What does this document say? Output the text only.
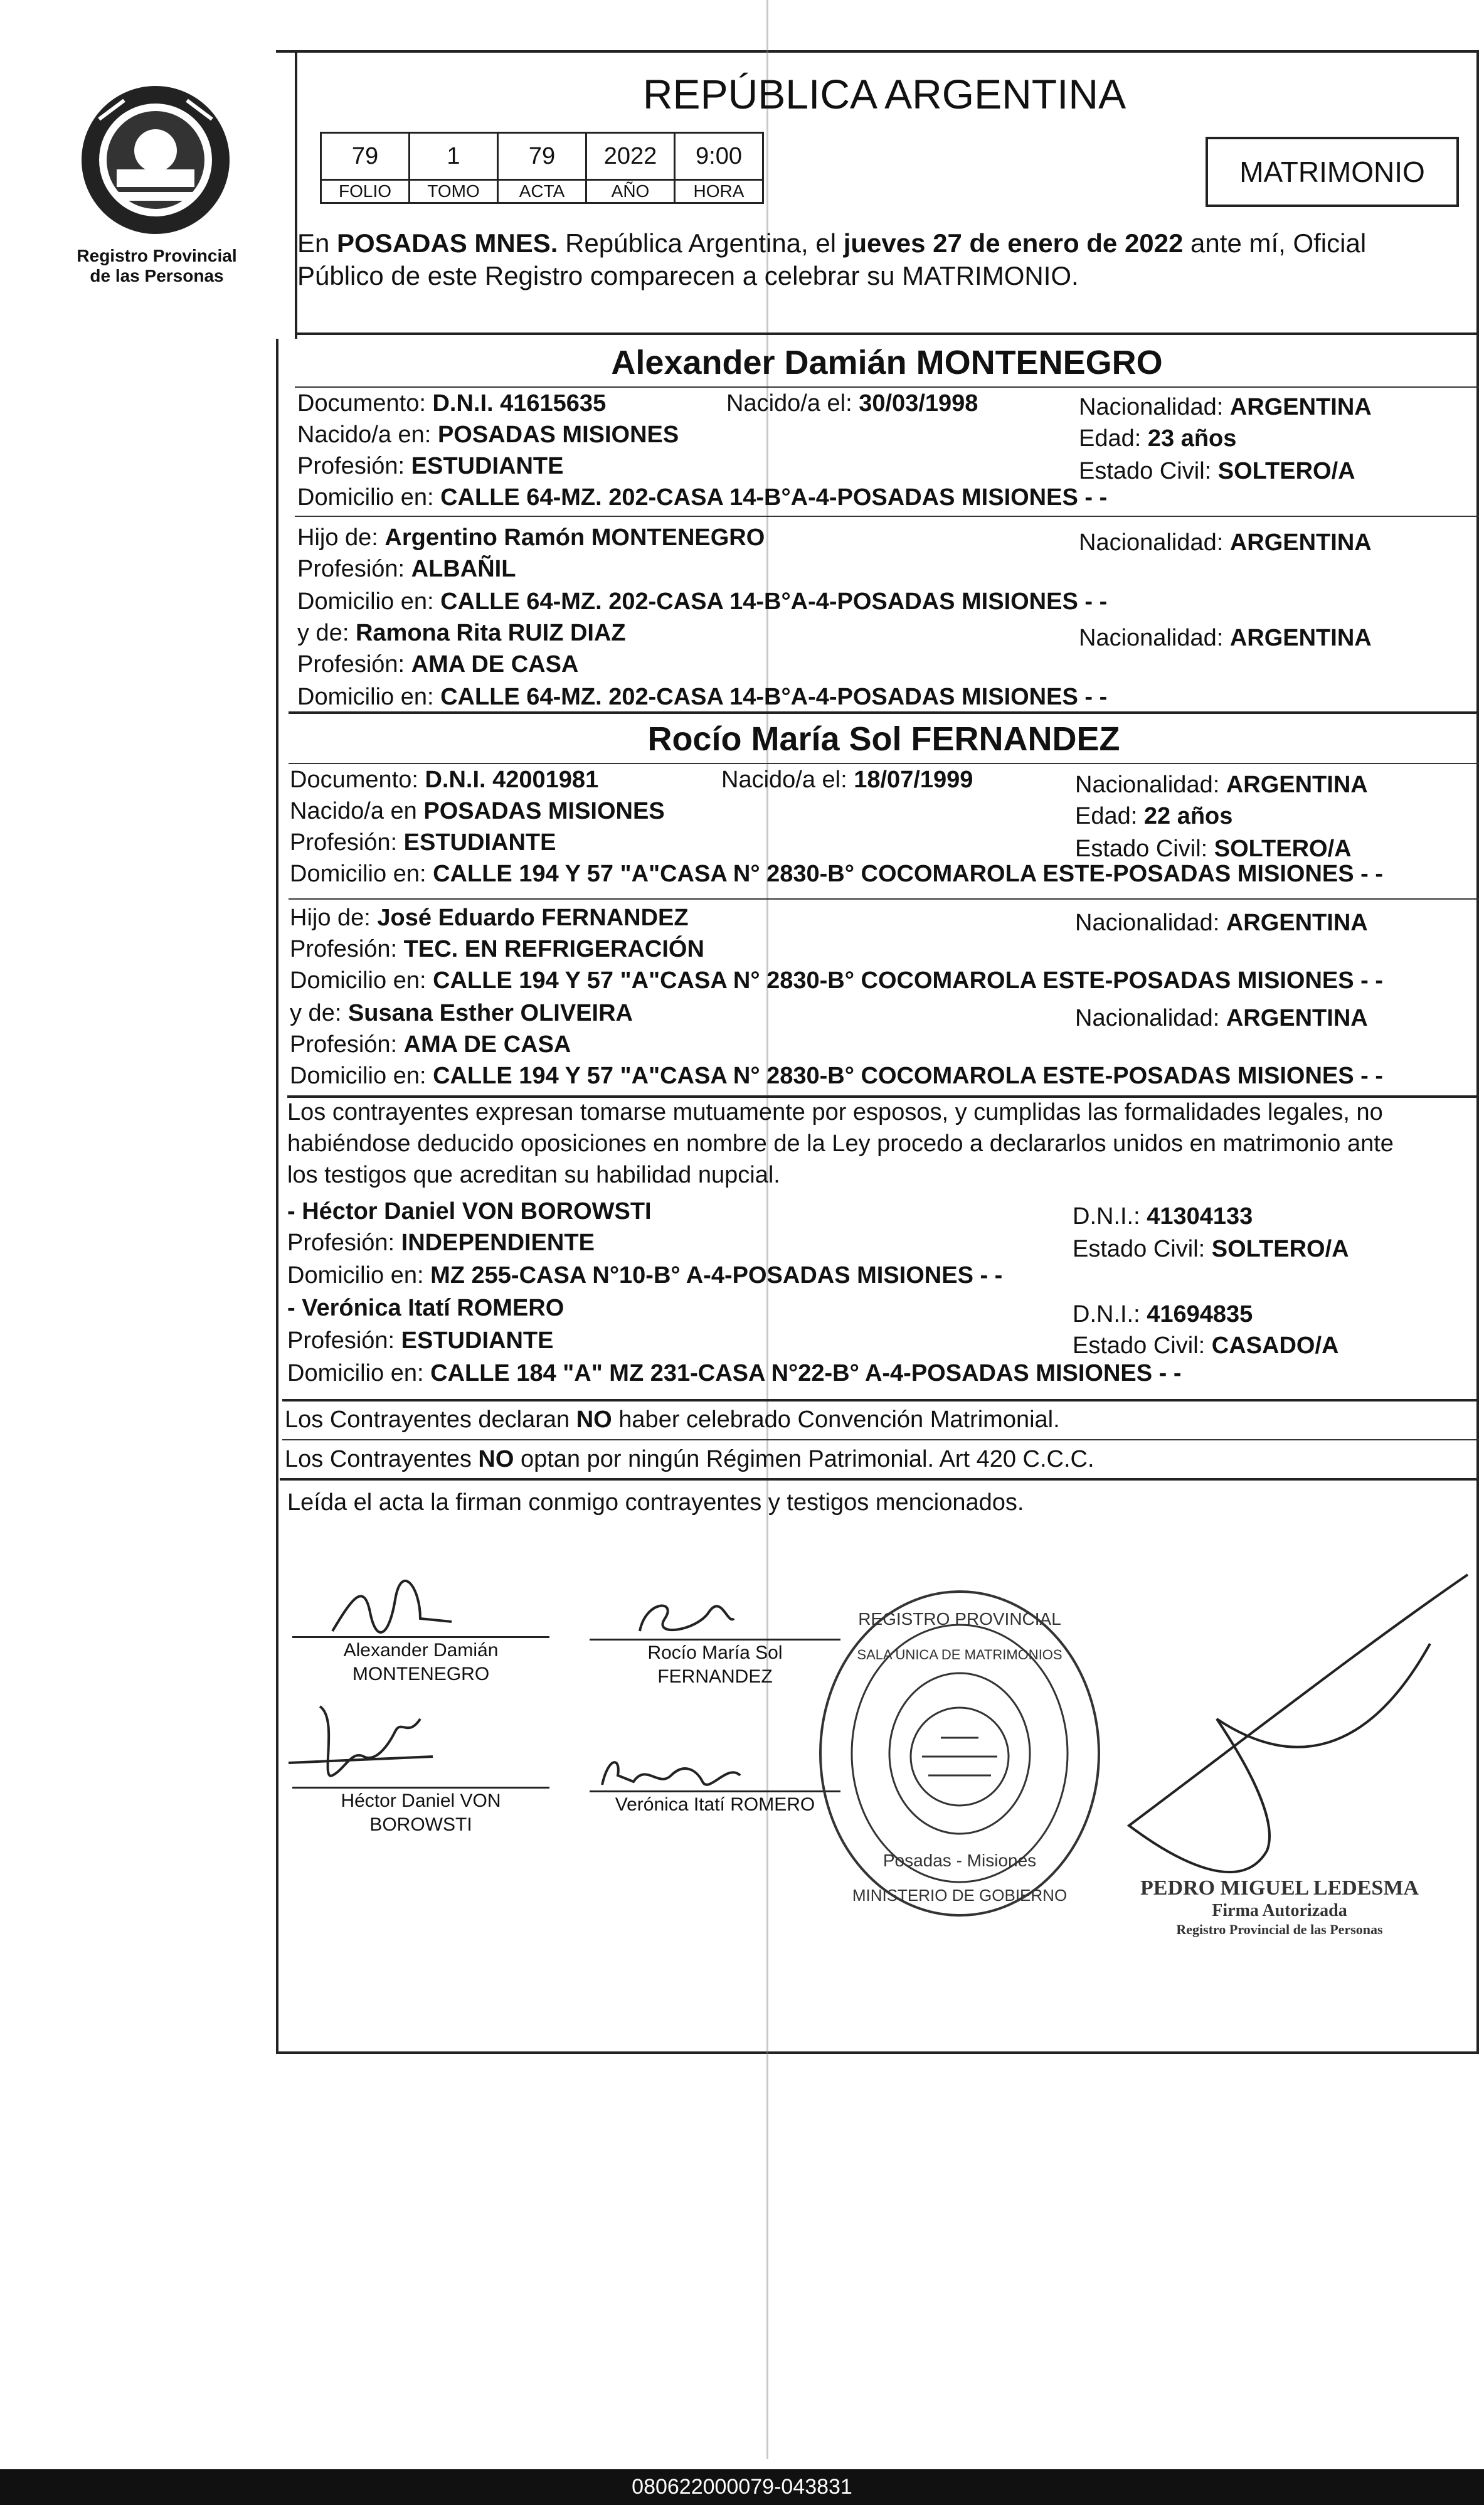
Registro Provincial
de las Personas
REPÚBLICA ARGENTINA
79	1	79	2022	9:00
FOLIO	TOMO	ACTA	AÑO	HORA
MATRIMONIO
En POSADAS MNES. República Argentina, el jueves 27 de enero de 2022 ante mí, Oficial
Público de este Registro comparecen a celebrar su MATRIMONIO.
Alexander Damián MONTENEGRO
Documento: D.N.I. 41615635	Nacido/a el: 30/03/1998	Nacionalidad: ARGENTINA
Nacido/a en: POSADAS MISIONES	Edad: 23 años
Profesión: ESTUDIANTE	Estado Civil: SOLTERO/A
Domicilio en: CALLE 64-MZ. 202-CASA 14-B°A-4-POSADAS MISIONES - -
Hijo de: Argentino Ramón MONTENEGRO	Nacionalidad: ARGENTINA
Profesión: ALBAÑIL
Domicilio en: CALLE 64-MZ. 202-CASA 14-B°A-4-POSADAS MISIONES - -
y de: Ramona Rita RUIZ DIAZ	Nacionalidad: ARGENTINA
Profesión: AMA DE CASA
Domicilio en: CALLE 64-MZ. 202-CASA 14-B°A-4-POSADAS MISIONES - -
Rocío María Sol FERNANDEZ
Documento: D.N.I. 42001981	Nacido/a el: 18/07/1999	Nacionalidad: ARGENTINA
Nacido/a en POSADAS MISIONES	Edad: 22 años
Profesión: ESTUDIANTE	Estado Civil: SOLTERO/A
Domicilio en: CALLE 194 Y 57 "A"CASA N° 2830-B° COCOMAROLA ESTE-POSADAS MISIONES - -
Hijo de: José Eduardo FERNANDEZ	Nacionalidad: ARGENTINA
Profesión: TEC. EN REFRIGERACIÓN
Domicilio en: CALLE 194 Y 57 "A"CASA N° 2830-B° COCOMAROLA ESTE-POSADAS MISIONES - -
y de: Susana Esther OLIVEIRA	Nacionalidad: ARGENTINA
Profesión: AMA DE CASA
Domicilio en: CALLE 194 Y 57 "A"CASA N° 2830-B° COCOMAROLA ESTE-POSADAS MISIONES - -
Los contrayentes expresan tomarse mutuamente por esposos, y cumplidas las formalidades legales, no
habiéndose deducido oposiciones en nombre de la Ley procedo a declararlos unidos en matrimonio ante
los testigos que acreditan su habilidad nupcial.
- Héctor Daniel VON BOROWSTI	D.N.I.: 41304133
Profesión: INDEPENDIENTE	Estado Civil: SOLTERO/A
Domicilio en: MZ 255-CASA N°10-B° A-4-POSADAS MISIONES - -
- Verónica Itatí ROMERO	D.N.I.: 41694835
Profesión: ESTUDIANTE	Estado Civil: CASADO/A
Domicilio en: CALLE 184 "A" MZ 231-CASA N°22-B° A-4-POSADAS MISIONES - -
Los Contrayentes declaran NO haber celebrado Convención Matrimonial.
Los Contrayentes NO optan por ningún Régimen Patrimonial. Art 420 C.C.C.
Leída el acta la firman conmigo contrayentes y testigos mencionados.
Alexander Damián
MONTENEGRO
Rocío María Sol
FERNANDEZ
Héctor Daniel VON
BOROWSTI
Verónica Itatí ROMERO
REGISTRO PROVINCIAL
SALA UNICA DE MATRIMONIOS
Posadas - Misiones
MINISTERIO DE GOBIERNO	PEDRO MIGUEL LEDESMA
Firma Autorizada
Registro Provincial de las Personas
080622000079-043831
